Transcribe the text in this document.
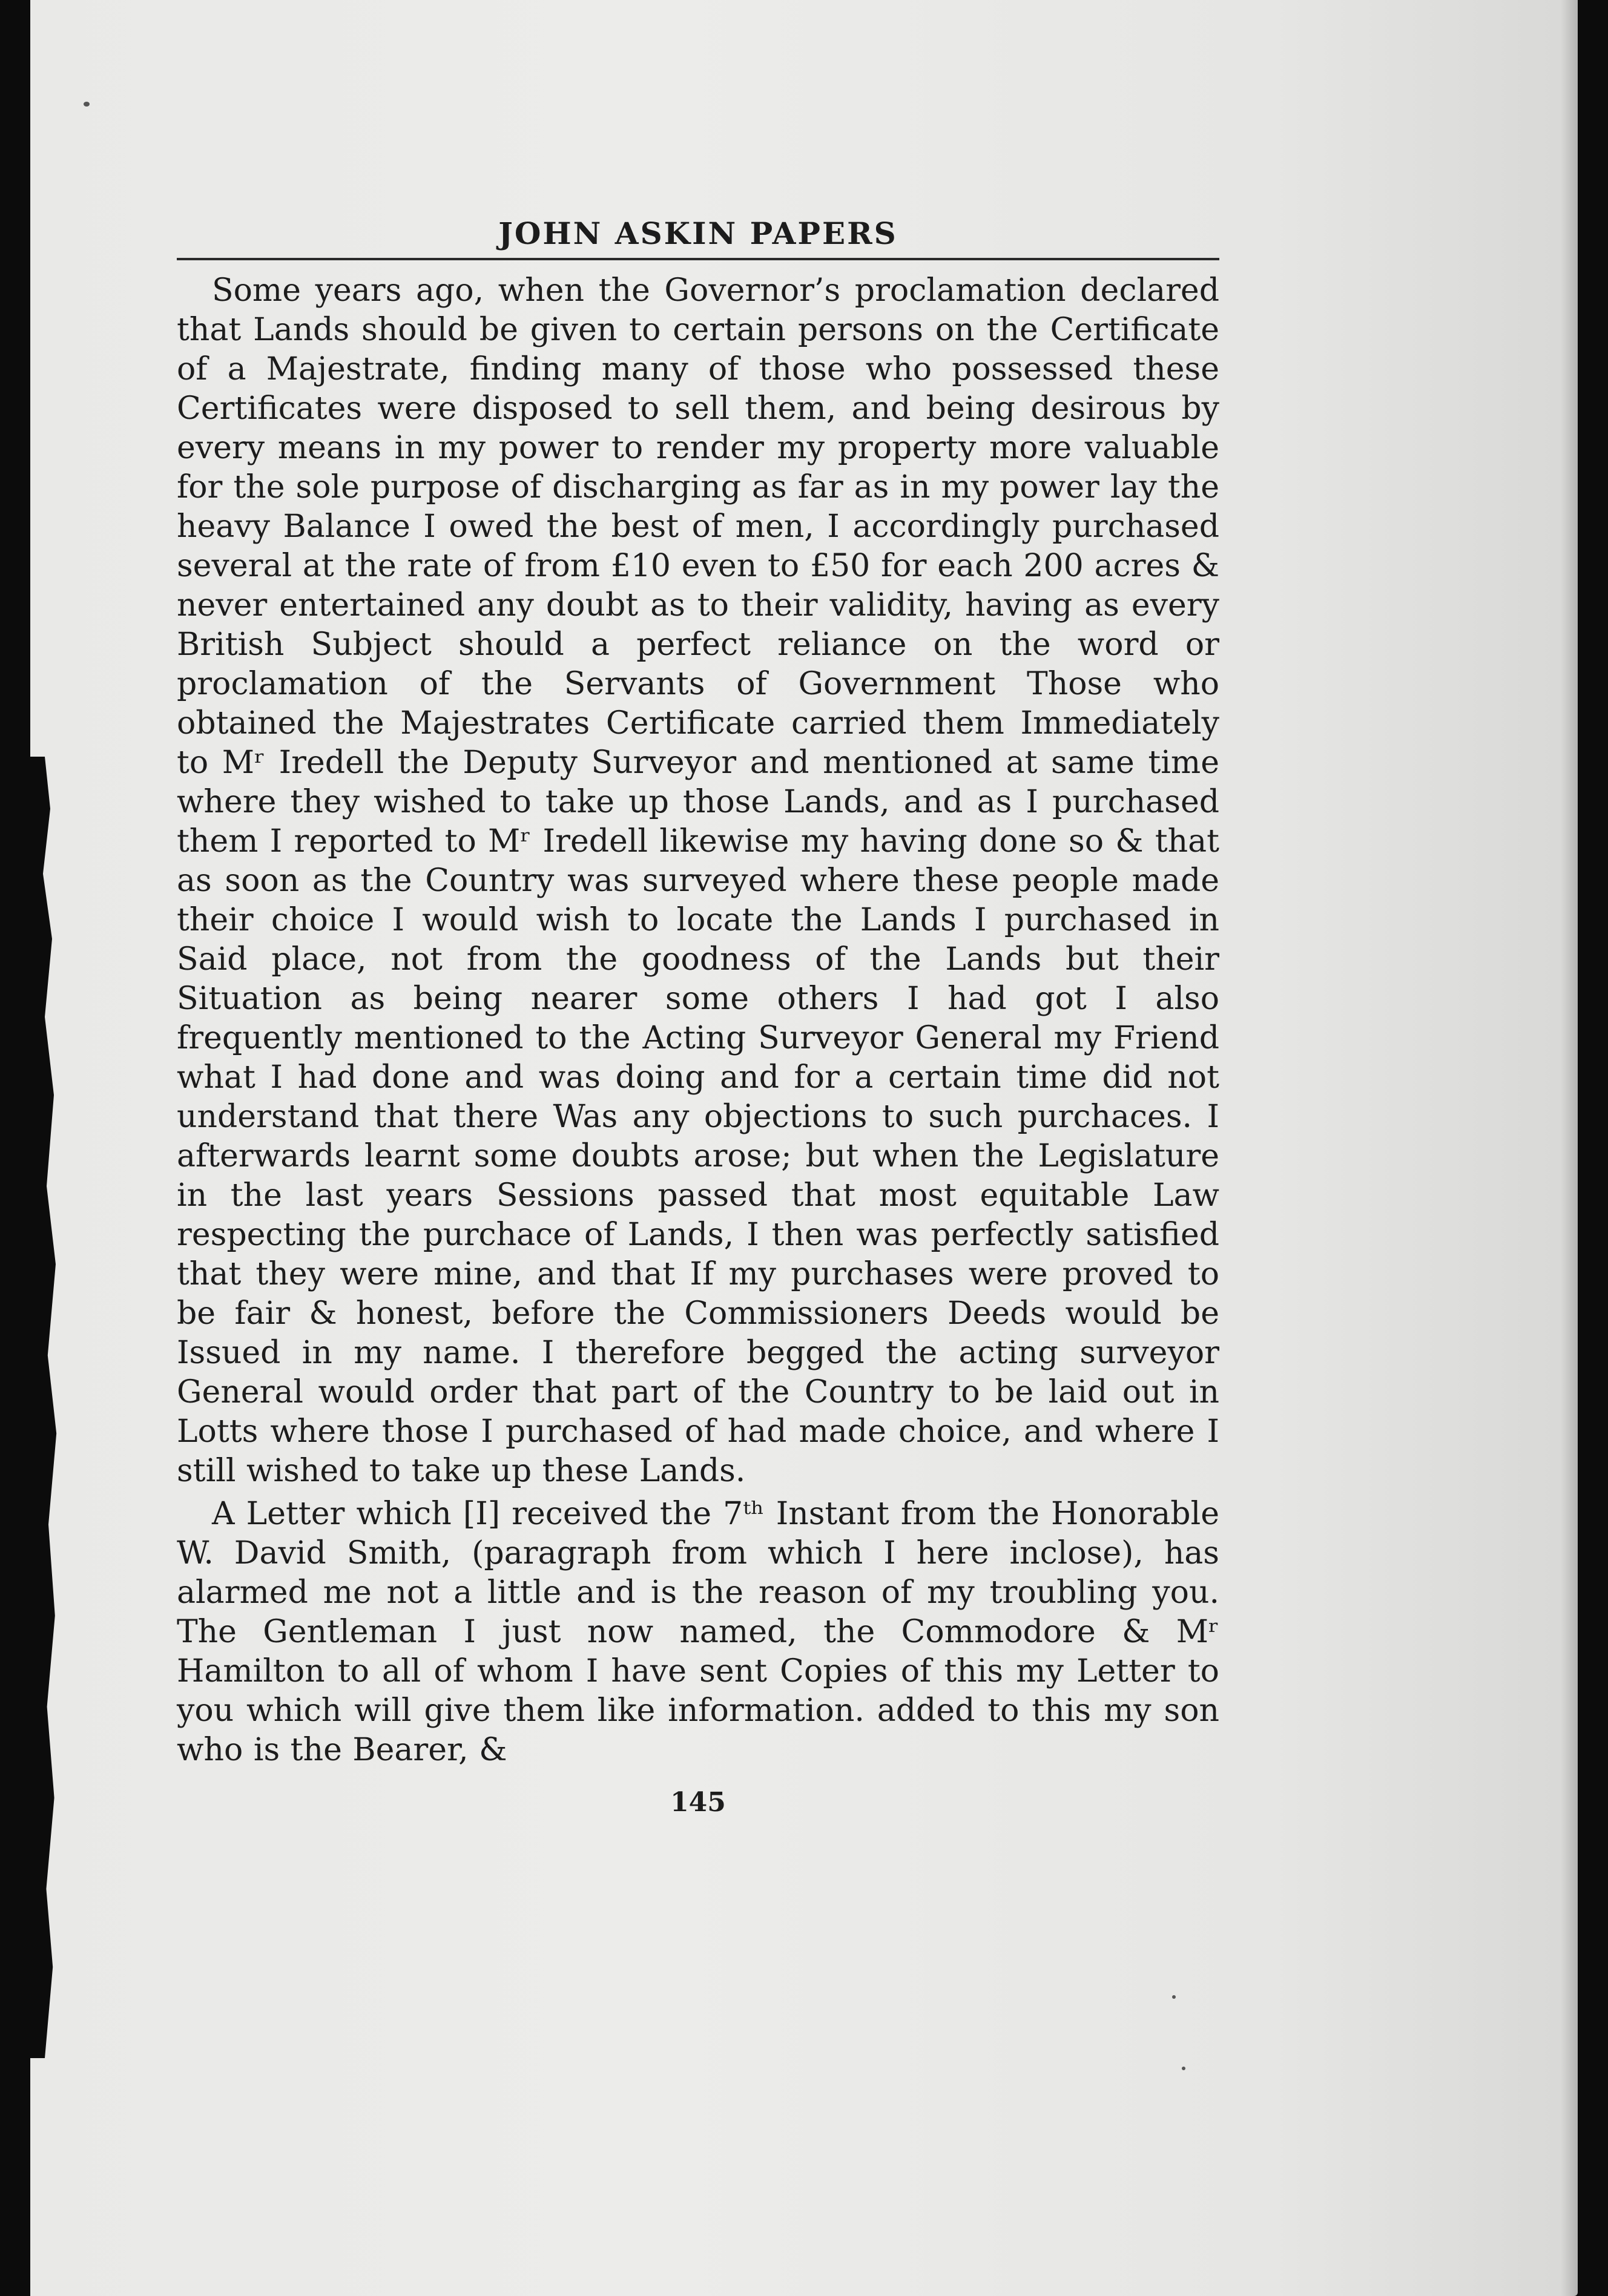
JOHN ASKIN PAPERS

Some years ago, when the Governor’s proclamation declared that Lands should be given to certain persons on the Certificate of a Majestrate, finding many of those who possessed these Certificates were disposed to sell them, and being desirous by every means in my power to render my property more valuable for the sole purpose of discharging as far as in my power lay the heavy Balance I owed the best of men, I accordingly purchased several at the rate of from £10 even to £50 for each 200 acres & never entertained any doubt as to their validity, having as every British Subject should a perfect reliance on the word or proclamation of the Servants of Government Those who obtained the Majestrates Certificate carried them Immediately to Mʳ Iredell the Deputy Surveyor and mentioned at same time where they wished to take up those Lands, and as I purchased them I reported to Mʳ Iredell likewise my having done so & that as soon as the Country was surveyed where these people made their choice I would wish to locate the Lands I purchased in Said place, not from the goodness of the Lands but their Situation as being nearer some others I had got I also frequently mentioned to the Acting Surveyor General my Friend what I had done and was doing and for a certain time did not understand that there Was any objections to such purchaces. I afterwards learnt some doubts arose; but when the Legislature in the last years Sessions passed that most equitable Law respecting the purchace of Lands, I then was perfectly satisfied that they were mine, and that If my purchases were proved to be fair & honest, before the Commissioners Deeds would be Issued in my name. I therefore begged the acting surveyor General would order that part of the Country to be laid out in Lotts where those I purchased of had made choice, and where I still wished to take up these Lands.

A Letter which [I] received the 7ᵗʰ Instant from the Honorable W. David Smith, (paragraph from which I here inclose), has alarmed me not a little and is the reason of my troubling you. The Gentleman I just now named, the Commodore & Mʳ Hamilton to all of whom I have sent Copies of this my Letter to you which will give them like information. added to this my son who is the Bearer, &

145
